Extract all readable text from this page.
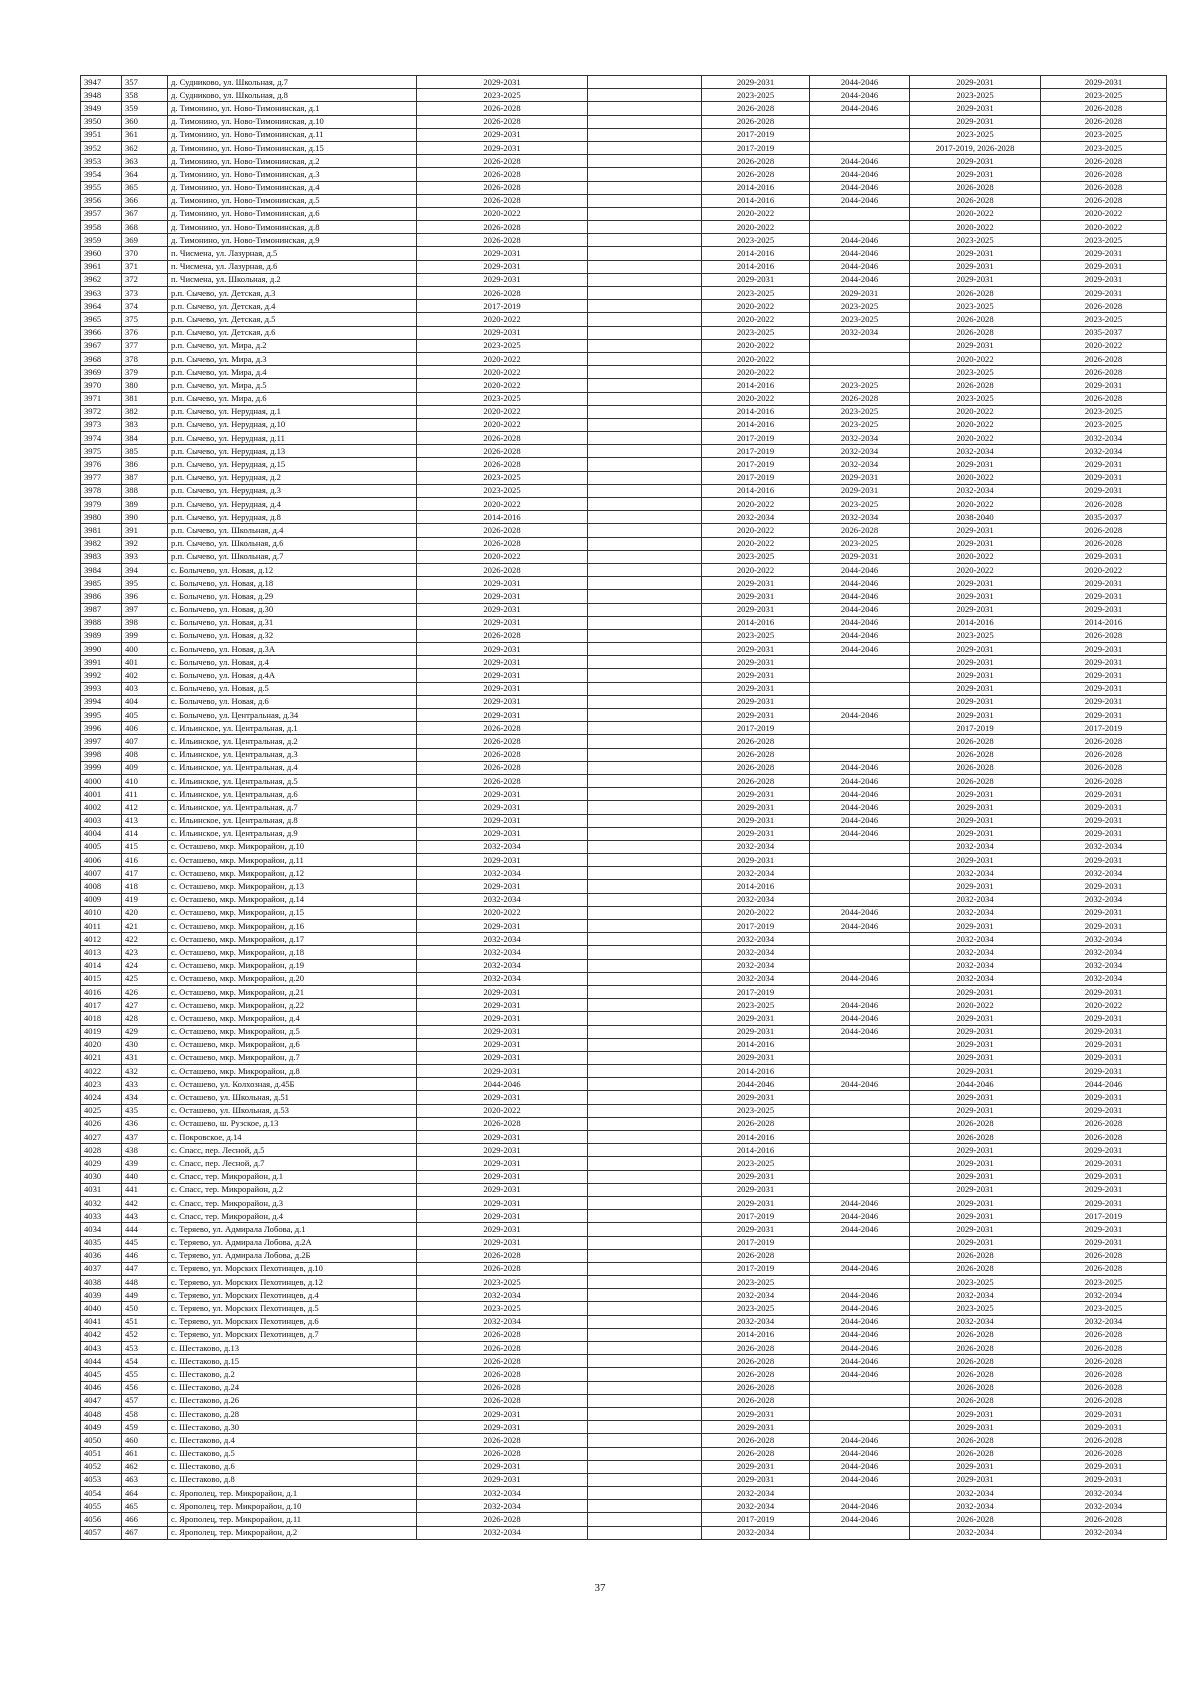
3947	357	д. Судниково, ул. Школьная, д.7	2029-2031		2029-2031	2044-2046	2029-2031	2029-2031
3948	358	д. Судниково, ул. Школьная, д.8	2023-2025		2023-2025	2044-2046	2023-2025	2023-2025
3949	359	д. Тимонино, ул. Ново-Тимонинская, д.1	2026-2028		2026-2028	2044-2046	2029-2031	2026-2028
3950	360	д. Тимонино, ул. Ново-Тимонинская, д.10	2026-2028		2026-2028		2029-2031	2026-2028
3951	361	д. Тимонино, ул. Ново-Тимонинская, д.11	2029-2031		2017-2019		2023-2025	2023-2025
3952	362	д. Тимонино, ул. Ново-Тимонинская, д.15	2029-2031		2017-2019		2017-2019, 2026-2028	2023-2025
3953	363	д. Тимонино, ул. Ново-Тимонинская, д.2	2026-2028		2026-2028	2044-2046	2029-2031	2026-2028
3954	364	д. Тимонино, ул. Ново-Тимонинская, д.3	2026-2028		2026-2028	2044-2046	2029-2031	2026-2028
3955	365	д. Тимонино, ул. Ново-Тимонинская, д.4	2026-2028		2014-2016	2044-2046	2026-2028	2026-2028
3956	366	д. Тимонино, ул. Ново-Тимонинская, д.5	2026-2028		2014-2016	2044-2046	2026-2028	2026-2028
3957	367	д. Тимонино, ул. Ново-Тимонинская, д.6	2020-2022		2020-2022		2020-2022	2020-2022
3958	368	д. Тимонино, ул. Ново-Тимонинская, д.8	2026-2028		2020-2022		2020-2022	2020-2022
3959	369	д. Тимонино, ул. Ново-Тимонинская, д.9	2026-2028		2023-2025	2044-2046	2023-2025	2023-2025
3960	370	п. Чисмена, ул. Лазурная, д.5	2029-2031		2014-2016	2044-2046	2029-2031	2029-2031
3961	371	п. Чисмена, ул. Лазурная, д.6	2029-2031		2014-2016	2044-2046	2029-2031	2029-2031
3962	372	п. Чисмена, ул. Школьная, д.2	2029-2031		2029-2031	2044-2046	2029-2031	2029-2031
3963	373	р.п. Сычево, ул. Детская, д.3	2026-2028		2023-2025	2029-2031	2026-2028	2029-2031
3964	374	р.п. Сычево, ул. Детская, д.4	2017-2019		2020-2022	2023-2025	2023-2025	2026-2028
3965	375	р.п. Сычево, ул. Детская, д.5	2020-2022		2020-2022	2023-2025	2026-2028	2023-2025
3966	376	р.п. Сычево, ул. Детская, д.6	2029-2031		2023-2025	2032-2034	2026-2028	2035-2037
3967	377	р.п. Сычево, ул. Мира, д.2	2023-2025		2020-2022		2029-2031	2020-2022
3968	378	р.п. Сычево, ул. Мира, д.3	2020-2022		2020-2022		2020-2022	2026-2028
3969	379	р.п. Сычево, ул. Мира, д.4	2020-2022		2020-2022		2023-2025	2026-2028
3970	380	р.п. Сычево, ул. Мира, д.5	2020-2022		2014-2016	2023-2025	2026-2028	2029-2031
3971	381	р.п. Сычево, ул. Мира, д.6	2023-2025		2020-2022	2026-2028	2023-2025	2026-2028
3972	382	р.п. Сычево, ул. Нерудная, д.1	2020-2022		2014-2016	2023-2025	2020-2022	2023-2025
3973	383	р.п. Сычево, ул. Нерудная, д.10	2020-2022		2014-2016	2023-2025	2020-2022	2023-2025
3974	384	р.п. Сычево, ул. Нерудная, д.11	2026-2028		2017-2019	2032-2034	2020-2022	2032-2034
3975	385	р.п. Сычево, ул. Нерудная, д.13	2026-2028		2017-2019	2032-2034	2032-2034	2032-2034
3976	386	р.п. Сычево, ул. Нерудная, д.15	2026-2028		2017-2019	2032-2034	2029-2031	2029-2031
3977	387	р.п. Сычево, ул. Нерудная, д.2	2023-2025		2017-2019	2029-2031	2020-2022	2029-2031
3978	388	р.п. Сычево, ул. Нерудная, д.3	2023-2025		2014-2016	2029-2031	2032-2034	2029-2031
3979	389	р.п. Сычево, ул. Нерудная, д.4	2020-2022		2020-2022	2023-2025	2020-2022	2026-2028
3980	390	р.п. Сычево, ул. Нерудная, д.8	2014-2016		2032-2034	2032-2034	2038-2040	2035-2037
3981	391	р.п. Сычево, ул. Школьная, д.4	2026-2028		2020-2022	2026-2028	2029-2031	2026-2028
3982	392	р.п. Сычево, ул. Школьная, д.6	2026-2028		2020-2022	2023-2025	2029-2031	2026-2028
3983	393	р.п. Сычево, ул. Школьная, д.7	2020-2022		2023-2025	2029-2031	2020-2022	2029-2031
3984	394	с. Болычево, ул. Новая, д.12	2026-2028		2020-2022	2044-2046	2020-2022	2020-2022
3985	395	с. Болычево, ул. Новая, д.18	2029-2031		2029-2031	2044-2046	2029-2031	2029-2031
3986	396	с. Болычево, ул. Новая, д.29	2029-2031		2029-2031	2044-2046	2029-2031	2029-2031
3987	397	с. Болычево, ул. Новая, д.30	2029-2031		2029-2031	2044-2046	2029-2031	2029-2031
3988	398	с. Болычево, ул. Новая, д.31	2029-2031		2014-2016	2044-2046	2014-2016	2014-2016
3989	399	с. Болычево, ул. Новая, д.32	2026-2028		2023-2025	2044-2046	2023-2025	2026-2028
3990	400	с. Болычево, ул. Новая, д.3А	2029-2031		2029-2031	2044-2046	2029-2031	2029-2031
3991	401	с. Болычево, ул. Новая, д.4	2029-2031		2029-2031		2029-2031	2029-2031
3992	402	с. Болычево, ул. Новая, д.4А	2029-2031		2029-2031		2029-2031	2029-2031
3993	403	с. Болычево, ул. Новая, д.5	2029-2031		2029-2031		2029-2031	2029-2031
3994	404	с. Болычево, ул. Новая, д.6	2029-2031		2029-2031		2029-2031	2029-2031
3995	405	с. Болычево, ул. Центральная, д.34	2029-2031		2029-2031	2044-2046	2029-2031	2029-2031
3996	406	с. Ильинское, ул. Центральная, д.1	2026-2028		2017-2019		2017-2019	2017-2019
3997	407	с. Ильинское, ул. Центральная, д.2	2026-2028		2026-2028		2026-2028	2026-2028
3998	408	с. Ильинское, ул. Центральная, д.3	2026-2028		2026-2028		2026-2028	2026-2028
3999	409	с. Ильинское, ул. Центральная, д.4	2026-2028		2026-2028	2044-2046	2026-2028	2026-2028
4000	410	с. Ильинское, ул. Центральная, д.5	2026-2028		2026-2028	2044-2046	2026-2028	2026-2028
4001	411	с. Ильинское, ул. Центральная, д.6	2029-2031		2029-2031	2044-2046	2029-2031	2029-2031
4002	412	с. Ильинское, ул. Центральная, д.7	2029-2031		2029-2031	2044-2046	2029-2031	2029-2031
4003	413	с. Ильинское, ул. Центральная, д.8	2029-2031		2029-2031	2044-2046	2029-2031	2029-2031
4004	414	с. Ильинское, ул. Центральная, д.9	2029-2031		2029-2031	2044-2046	2029-2031	2029-2031
4005	415	с. Осташево, мкр. Микрорайон, д.10	2032-2034		2032-2034		2032-2034	2032-2034
4006	416	с. Осташево, мкр. Микрорайон, д.11	2029-2031		2029-2031		2029-2031	2029-2031
4007	417	с. Осташево, мкр. Микрорайон, д.12	2032-2034		2032-2034		2032-2034	2032-2034
4008	418	с. Осташево, мкр. Микрорайон, д.13	2029-2031		2014-2016		2029-2031	2029-2031
4009	419	с. Осташево, мкр. Микрорайон, д.14	2032-2034		2032-2034		2032-2034	2032-2034
4010	420	с. Осташево, мкр. Микрорайон, д.15	2020-2022		2020-2022	2044-2046	2032-2034	2029-2031
4011	421	с. Осташево, мкр. Микрорайон, д.16	2029-2031		2017-2019	2044-2046	2029-2031	2029-2031
4012	422	с. Осташево, мкр. Микрорайон, д.17	2032-2034		2032-2034		2032-2034	2032-2034
4013	423	с. Осташево, мкр. Микрорайон, д.18	2032-2034		2032-2034		2032-2034	2032-2034
4014	424	с. Осташево, мкр. Микрорайон, д.19	2032-2034		2032-2034		2032-2034	2032-2034
4015	425	с. Осташево, мкр. Микрорайон, д.20	2032-2034		2032-2034	2044-2046	2032-2034	2032-2034
4016	426	с. Осташево, мкр. Микрорайон, д.21	2029-2031		2017-2019		2029-2031	2029-2031
4017	427	с. Осташево, мкр. Микрорайон, д.22	2029-2031		2023-2025	2044-2046	2020-2022	2020-2022
4018	428	с. Осташево, мкр. Микрорайон, д.4	2029-2031		2029-2031	2044-2046	2029-2031	2029-2031
4019	429	с. Осташево, мкр. Микрорайон, д.5	2029-2031		2029-2031	2044-2046	2029-2031	2029-2031
4020	430	с. Осташево, мкр. Микрорайон, д.6	2029-2031		2014-2016		2029-2031	2029-2031
4021	431	с. Осташево, мкр. Микрорайон, д.7	2029-2031		2029-2031		2029-2031	2029-2031
4022	432	с. Осташево, мкр. Микрорайон, д.8	2029-2031		2014-2016		2029-2031	2029-2031
4023	433	с. Осташево, ул. Колхозная, д.45Б	2044-2046		2044-2046	2044-2046	2044-2046	2044-2046
4024	434	с. Осташево, ул. Школьная, д.51	2029-2031		2029-2031		2029-2031	2029-2031
4025	435	с. Осташево, ул. Школьная, д.53	2020-2022		2023-2025		2029-2031	2029-2031
4026	436	с. Осташево, ш. Рузское, д.13	2026-2028		2026-2028		2026-2028	2026-2028
4027	437	с. Покровское, д.14	2029-2031		2014-2016		2026-2028	2026-2028
4028	438	с. Спасс, пер. Лесной, д.5	2029-2031		2014-2016		2029-2031	2029-2031
4029	439	с. Спасс, пер. Лесной, д.7	2029-2031		2023-2025		2029-2031	2029-2031
4030	440	с. Спасс, тер. Микрорайон, д.1	2029-2031		2029-2031		2029-2031	2029-2031
4031	441	с. Спасс, тер. Микрорайон, д.2	2029-2031		2029-2031		2029-2031	2029-2031
4032	442	с. Спасс, тер. Микрорайон, д.3	2029-2031		2029-2031	2044-2046	2029-2031	2029-2031
4033	443	с. Спасс, тер. Микрорайон, д.4	2029-2031		2017-2019	2044-2046	2029-2031	2017-2019
4034	444	с. Теряево, ул. Адмирала Лобова, д.1	2029-2031		2029-2031	2044-2046	2029-2031	2029-2031
4035	445	с. Теряево, ул. Адмирала Лобова, д.2А	2029-2031		2017-2019		2029-2031	2029-2031
4036	446	с. Теряево, ул. Адмирала Лобова, д.2Б	2026-2028		2026-2028		2026-2028	2026-2028
4037	447	с. Теряево, ул. Морских Пехотинцев, д.10	2026-2028		2017-2019	2044-2046	2026-2028	2026-2028
4038	448	с. Теряево, ул. Морских Пехотинцев, д.12	2023-2025		2023-2025		2023-2025	2023-2025
4039	449	с. Теряево, ул. Морских Пехотинцев, д.4	2032-2034		2032-2034	2044-2046	2032-2034	2032-2034
4040	450	с. Теряево, ул. Морских Пехотинцев, д.5	2023-2025		2023-2025	2044-2046	2023-2025	2023-2025
4041	451	с. Теряево, ул. Морских Пехотинцев, д.6	2032-2034		2032-2034	2044-2046	2032-2034	2032-2034
4042	452	с. Теряево, ул. Морских Пехотинцев, д.7	2026-2028		2014-2016	2044-2046	2026-2028	2026-2028
4043	453	с. Шестаково, д.13	2026-2028		2026-2028	2044-2046	2026-2028	2026-2028
4044	454	с. Шестаково, д.15	2026-2028		2026-2028	2044-2046	2026-2028	2026-2028
4045	455	с. Шестаково, д.2	2026-2028		2026-2028	2044-2046	2026-2028	2026-2028
4046	456	с. Шестаково, д.24	2026-2028		2026-2028		2026-2028	2026-2028
4047	457	с. Шестаково, д.26	2026-2028		2026-2028		2026-2028	2026-2028
4048	458	с. Шестаково, д.28	2029-2031		2029-2031		2029-2031	2029-2031
4049	459	с. Шестаково, д.30	2029-2031		2029-2031		2029-2031	2029-2031
4050	460	с. Шестаково, д.4	2026-2028		2026-2028	2044-2046	2026-2028	2026-2028
4051	461	с. Шестаково, д.5	2026-2028		2026-2028	2044-2046	2026-2028	2026-2028
4052	462	с. Шестаково, д.6	2029-2031		2029-2031	2044-2046	2029-2031	2029-2031
4053	463	с. Шестаково, д.8	2029-2031		2029-2031	2044-2046	2029-2031	2029-2031
4054	464	с. Ярополец, тер. Микрорайон, д.1	2032-2034		2032-2034		2032-2034	2032-2034
4055	465	с. Ярополец, тер. Микрорайон, д.10	2032-2034		2032-2034	2044-2046	2032-2034	2032-2034
4056	466	с. Ярополец, тер. Микрорайон, д.11	2026-2028		2017-2019	2044-2046	2026-2028	2026-2028
4057	467	с. Ярополец, тер. Микрорайон, д.2	2032-2034		2032-2034		2032-2034	2032-2034
37
